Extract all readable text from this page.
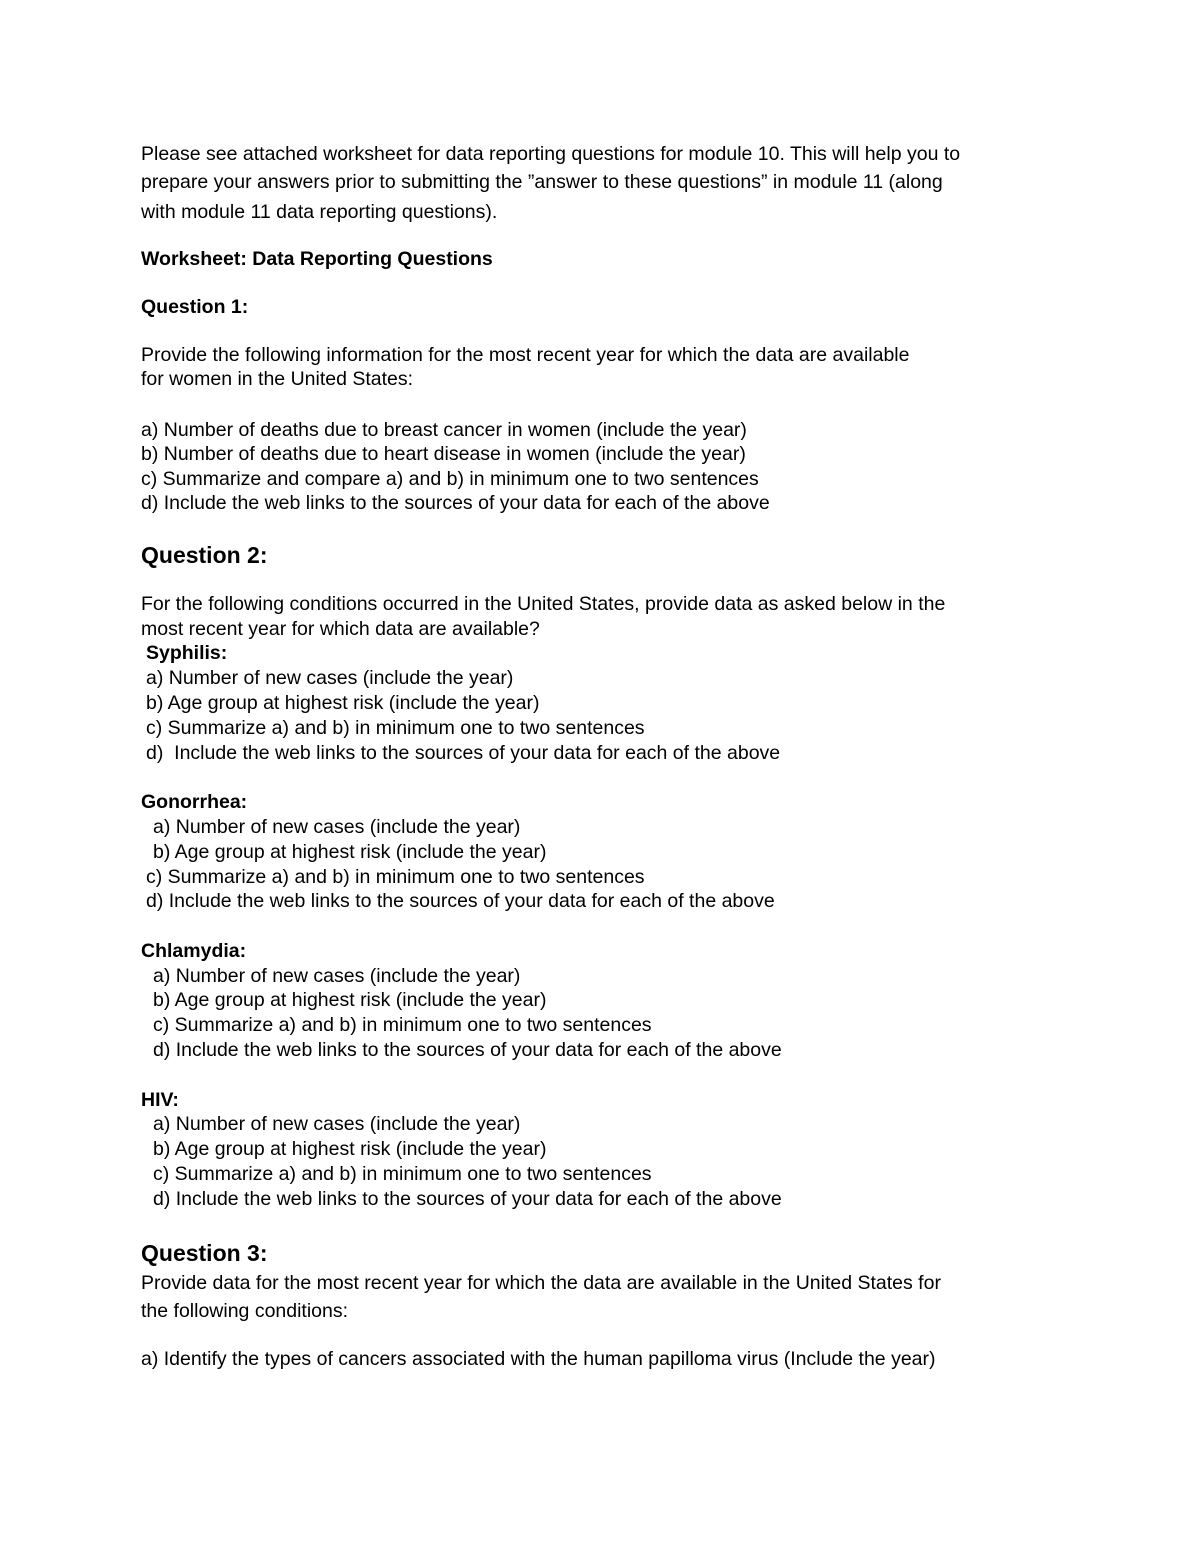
Please see attached worksheet for data reporting questions for module 10. This will help you to
prepare your answers prior to submitting the ”answer to these questions” in module 11 (along
with module 11 data reporting questions).
Worksheet: Data Reporting Questions
Question 1:
Provide the following information for the most recent year for which the data are available
for women in the United States:
a) Number of deaths due to breast cancer in women (include the year)
b) Number of deaths due to heart disease in women (include the year)
c) Summarize and compare a) and b) in minimum one to two sentences
d) Include the web links to the sources of your data for each of the above
Question 2:
For the following conditions occurred in the United States, provide data as asked below in the
most recent year for which data are available?
Syphilis:
a) Number of new cases (include the year)
b) Age group at highest risk (include the year)
c) Summarize a) and b) in minimum one to two sentences
d)  Include the web links to the sources of your data for each of the above
Gonorrhea:
a) Number of new cases (include the year)
b) Age group at highest risk (include the year)
c) Summarize a) and b) in minimum one to two sentences
d) Include the web links to the sources of your data for each of the above
Chlamydia:
a) Number of new cases (include the year)
b) Age group at highest risk (include the year)
c) Summarize a) and b) in minimum one to two sentences
d) Include the web links to the sources of your data for each of the above
HIV:
a) Number of new cases (include the year)
b) Age group at highest risk (include the year)
c) Summarize a) and b) in minimum one to two sentences
d) Include the web links to the sources of your data for each of the above
Question 3:
Provide data for the most recent year for which the data are available in the United States for
the following conditions:
a) Identify the types of cancers associated with the human papilloma virus (Include the year)
